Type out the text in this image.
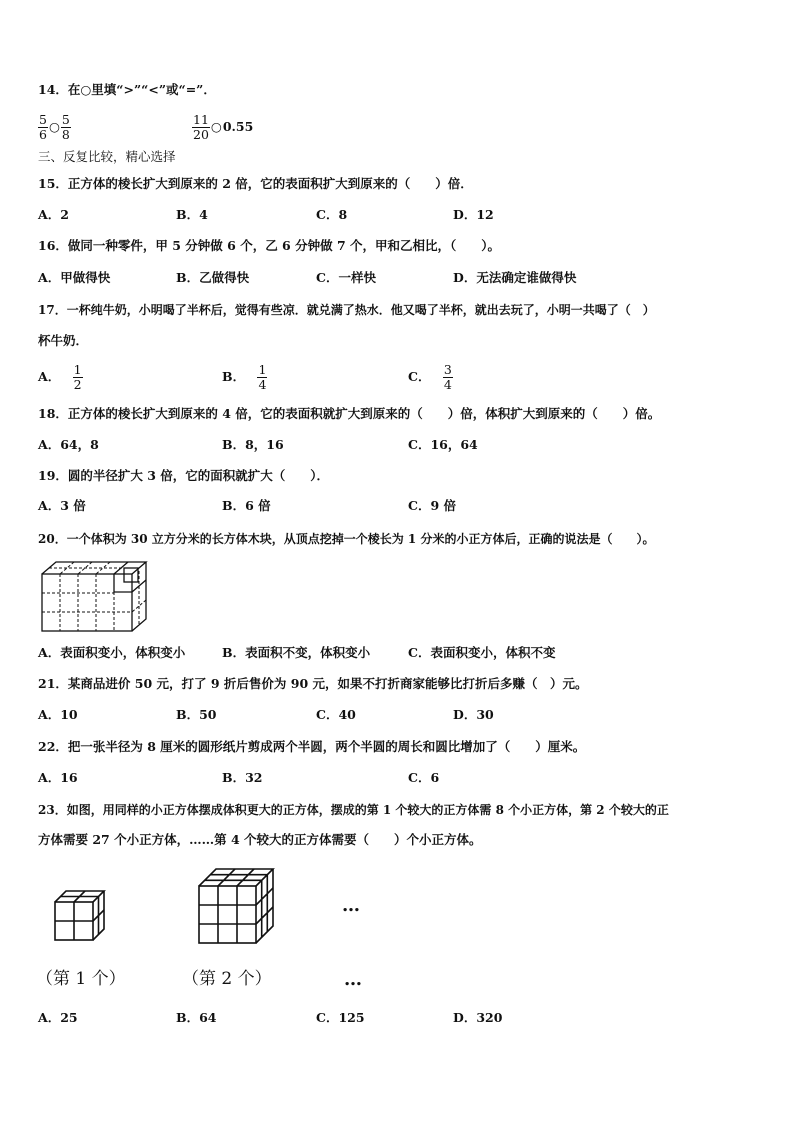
14．在○里填“>”“<”或“=”．
$\frac{5}{6}$ ○ $\frac{5}{8}$	$\frac{11}{20}$ ○0.55
三、反复比较，精心选择
15．正方体的棱长扩大到原来的 2 倍，它的表面积扩大到原来的（　　）倍．
A．2	B．4	C．8	D．12
16．做同一种零件，甲 5 分钟做 6 个，乙 6 分钟做 7 个，甲和乙相比，（　　）。
A．甲做得快	B．乙做得快	C．一样快	D．无法确定谁做得快
17．一杯纯牛奶，小明喝了半杯后，觉得有些凉．就兑满了热水．他又喝了半杯，就出去玩了，小明一共喝了（　）
杯牛奶．
A． $\frac{1}{2}$	B． $\frac{1}{4}$	C． $\frac{3}{4}$
18．正方体的棱长扩大到原来的 4 倍，它的表面积就扩大到原来的（　　）倍，体积扩大到原来的（　　）倍。
A．64，8	B．8，16	C．16，64
19．圆的半径扩大 3 倍，它的面积就扩大（　　）．
A．3 倍	B．6 倍	C．9 倍
20．一个体积为 30 立方分米的长方体木块，从顶点挖掉一个棱长为 1 分米的小正方体后，正确的说法是（　　）。
A．表面积变小，体积变小	B．表面积不变，体积变小	C．表面积变小，体积不变
21．某商品进价 50 元，打了 9 折后售价为 90 元，如果不打折商家能够比打折后多赚（　）元。
A．10	B．50	C．40	D．30
22．把一张半径为 8 厘米的圆形纸片剪成两个半圆，两个半圆的周长和圆比增加了（　　）厘米。
A．16	B．32	C．6
23．如图，用同样的小正方体摆成体积更大的正方体，摆成的第 1 个较大的正方体需 8 个小正方体，第 2 个较大的正
方体需要 27 个小正方体，……第 4 个较大的正方体需要（　　）个小正方体。
…
（第 1 个）	（第 2 个）	…
A．25	B．64	C．125	D．320
